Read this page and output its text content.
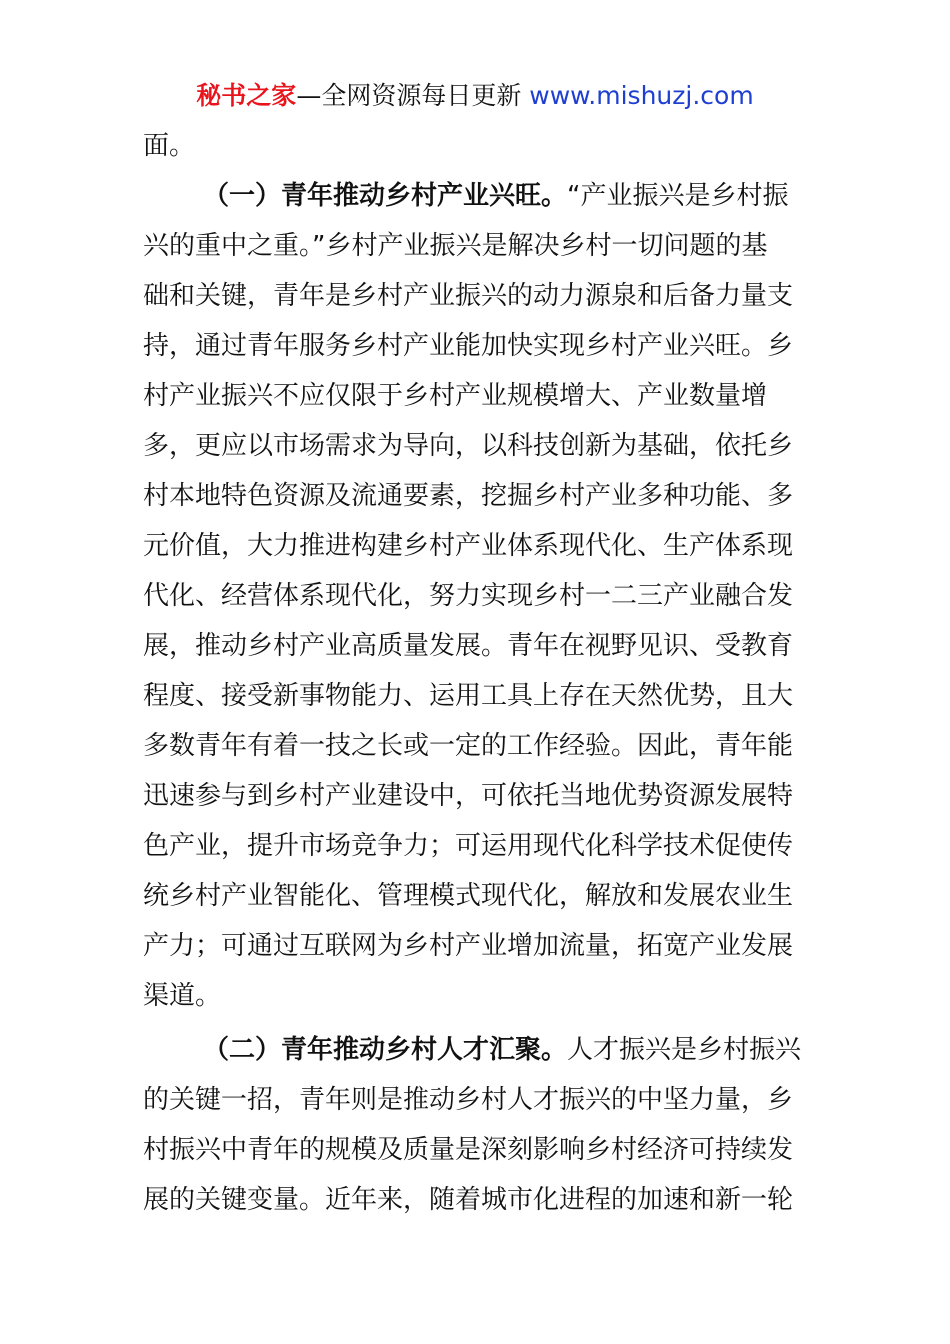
秘书之家—全网资源每日更新 www.mishuzj.com
面。
（一）青年推动乡村产业兴旺。“产业振兴是乡村振
兴的重中之重。”乡村产业振兴是解决乡村一切问题的基
础和关键，青年是乡村产业振兴的动力源泉和后备力量支
持，通过青年服务乡村产业能加快实现乡村产业兴旺。乡
村产业振兴不应仅限于乡村产业规模增大、产业数量增
多，更应以市场需求为导向，以科技创新为基础，依托乡
村本地特色资源及流通要素，挖掘乡村产业多种功能、多
元价值，大力推进构建乡村产业体系现代化、生产体系现
代化、经营体系现代化，努力实现乡村一二三产业融合发
展，推动乡村产业高质量发展。青年在视野见识、受教育
程度、接受新事物能力、运用工具上存在天然优势，且大
多数青年有着一技之长或一定的工作经验。因此，青年能
迅速参与到乡村产业建设中，可依托当地优势资源发展特
色产业，提升市场竞争力；可运用现代化科学技术促使传
统乡村产业智能化、管理模式现代化，解放和发展农业生
产力；可通过互联网为乡村产业增加流量，拓宽产业发展
渠道。
（二）青年推动乡村人才汇聚。人才振兴是乡村振兴
的关键一招，青年则是推动乡村人才振兴的中坚力量，乡
村振兴中青年的规模及质量是深刻影响乡村经济可持续发
展的关键变量。近年来，随着城市化进程的加速和新一轮
